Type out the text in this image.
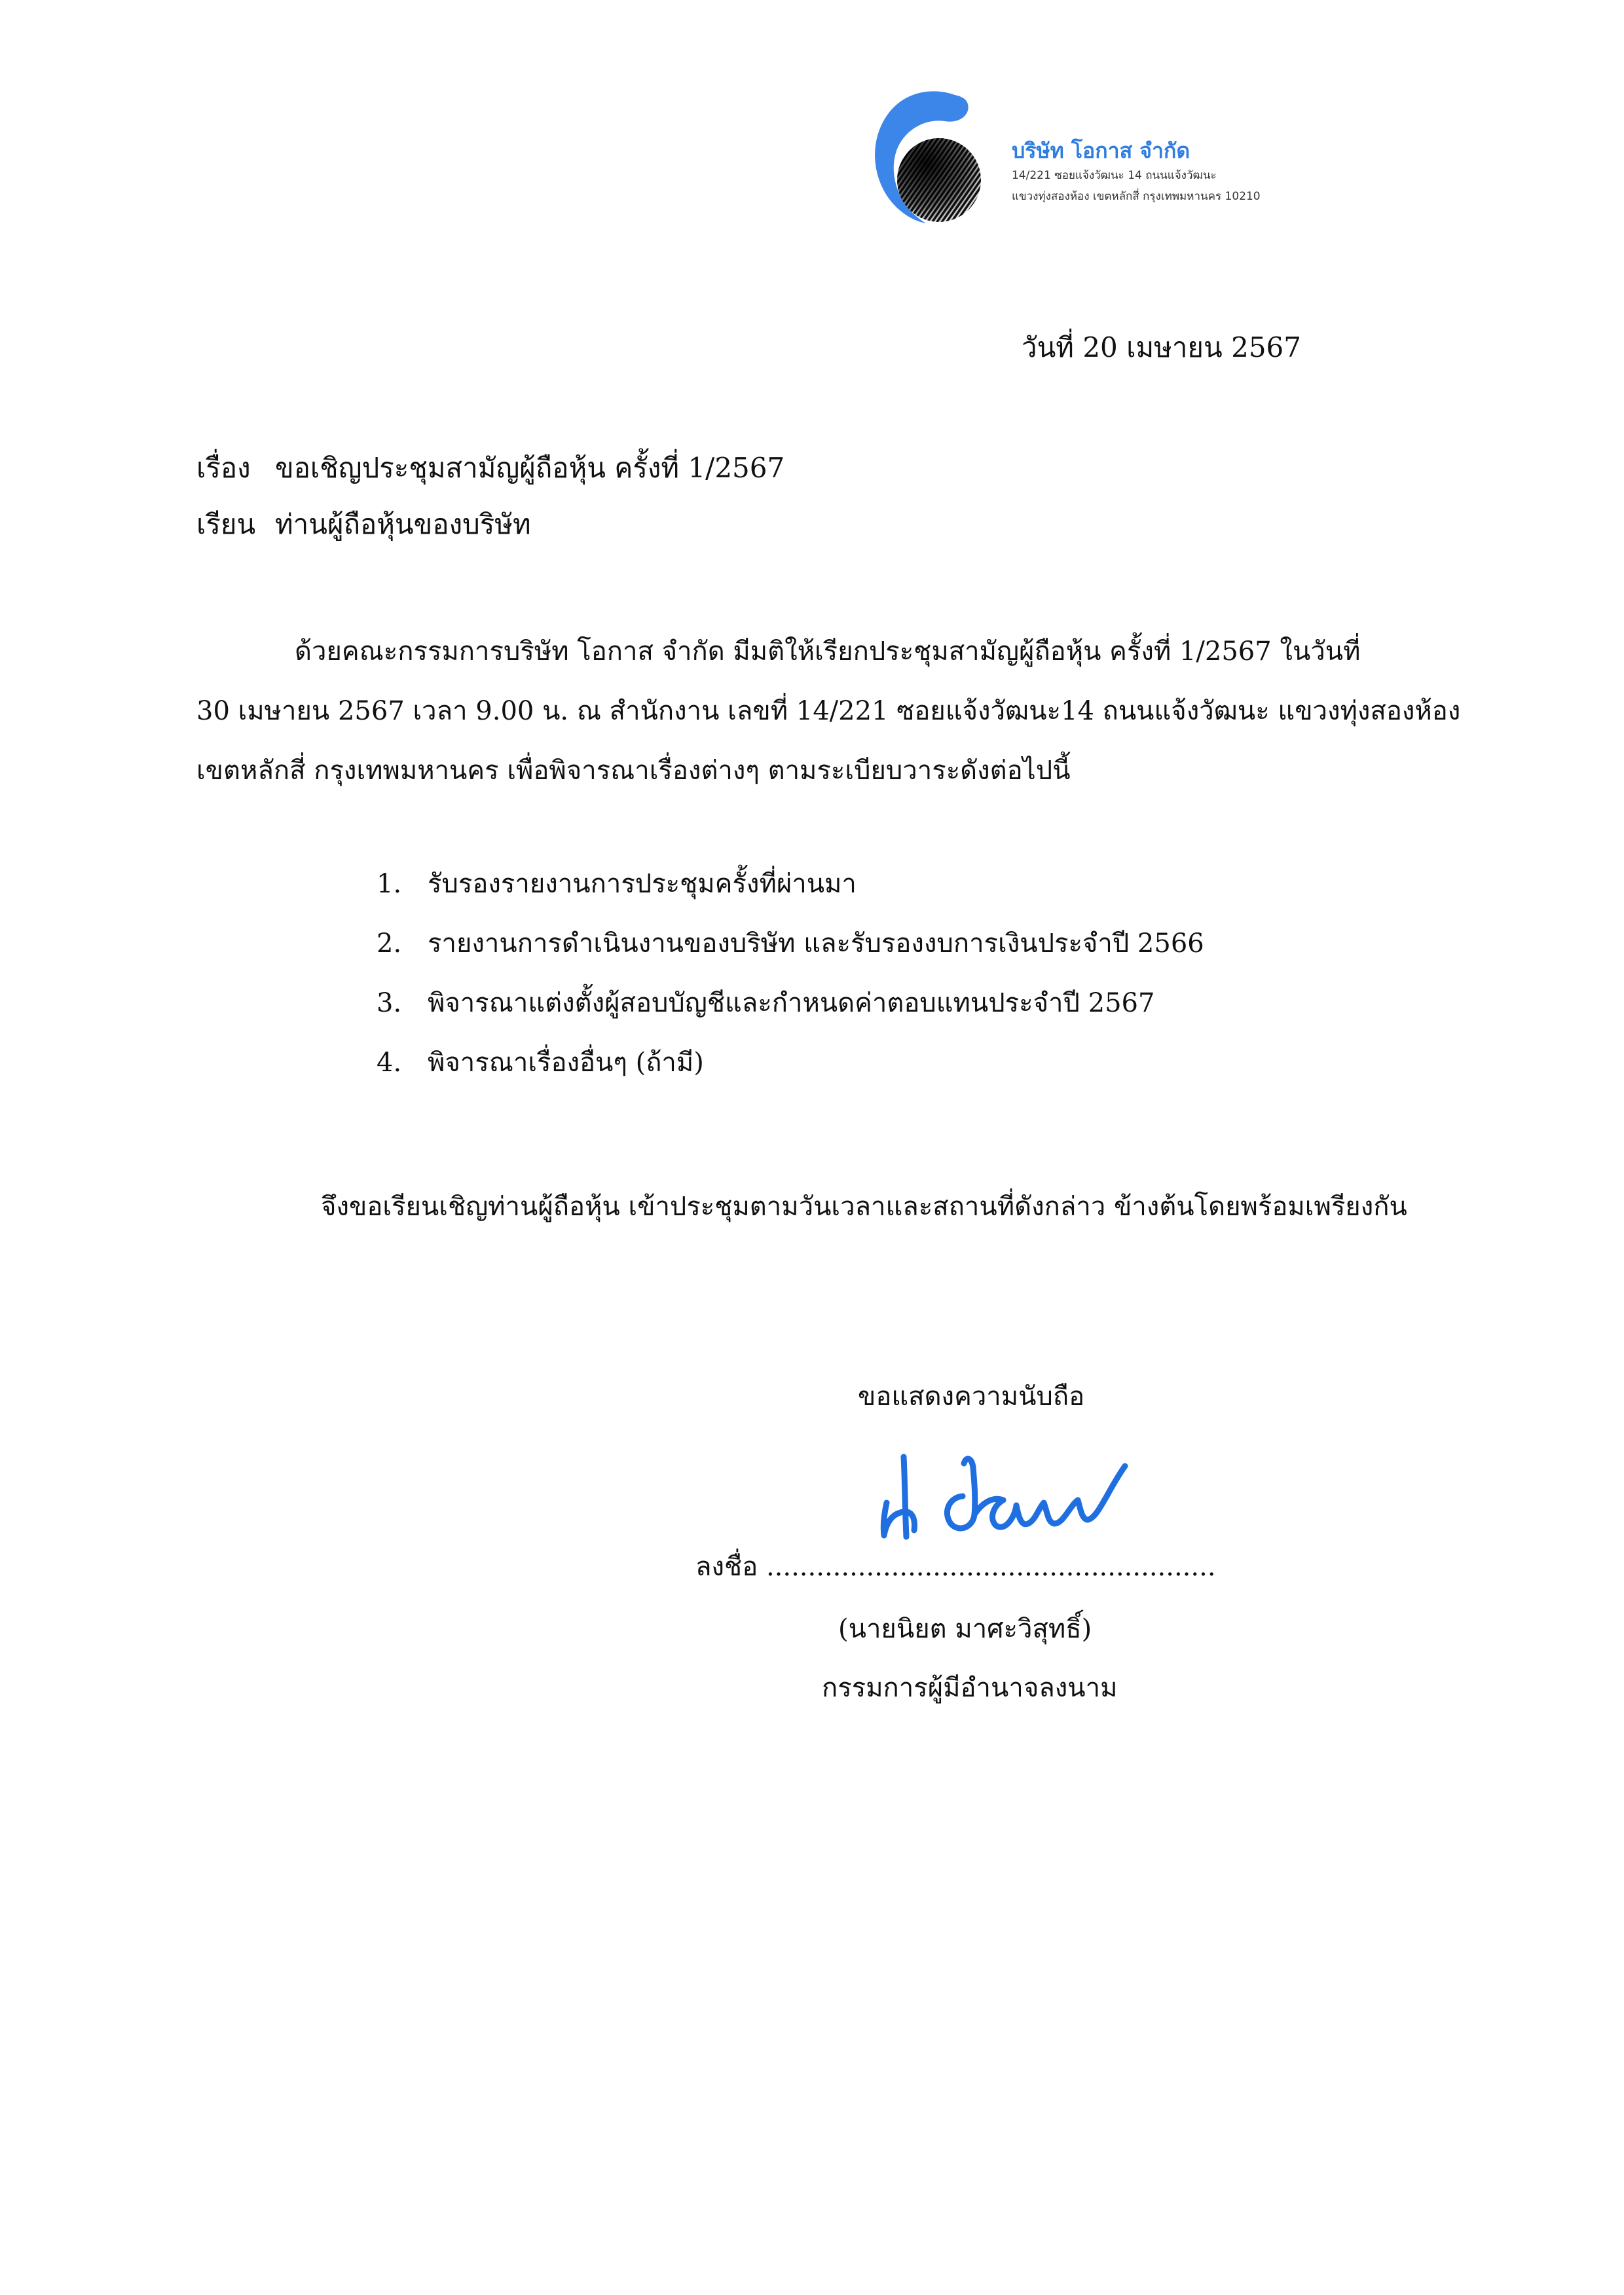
บริษัท โอกาส จำกัด
14/221 ซอยแจ้งวัฒนะ 14 ถนนแจ้งวัฒนะ
แขวงทุ่งสองห้อง เขตหลักสี่ กรุงเทพมหานคร 10210
วันที่ 20 เมษายน 2567
เรื่อง ขอเชิญประชุมสามัญผู้ถือหุ้น ครั้งที่ 1/2567
เรียน ท่านผู้ถือหุ้นของบริษัท
ด้วยคณะกรรมการบริษัท โอกาส จำกัด มีมติให้เรียกประชุมสามัญผู้ถือหุ้น ครั้งที่ 1/2567 ในวันที่
30 เมษายน 2567 เวลา 9.00 น. ณ สำนักงาน เลขที่ 14/221 ซอยแจ้งวัฒนะ14 ถนนแจ้งวัฒนะ แขวงทุ่งสองห้อง
เขตหลักสี่ กรุงเทพมหานคร เพื่อพิจารณาเรื่องต่างๆ ตามระเบียบวาระดังต่อไปนี้
1. รับรองรายงานการประชุมครั้งที่ผ่านมา
2. รายงานการดำเนินงานของบริษัท และรับรองงบการเงินประจำปี 2566
3. พิจารณาแต่งตั้งผู้สอบบัญชีและกำหนดค่าตอบแทนประจำปี 2567
4. พิจารณาเรื่องอื่นๆ (ถ้ามี)
จึงขอเรียนเชิญท่านผู้ถือหุ้น เข้าประชุมตามวันเวลาและสถานที่ดังกล่าว ข้างต้นโดยพร้อมเพรียงกัน
ขอแสดงความนับถือ
ลงชื่อ ......................................................
(นายนิยต มาศะวิสุทธิ์)
กรรมการผู้มีอำนาจลงนาม
